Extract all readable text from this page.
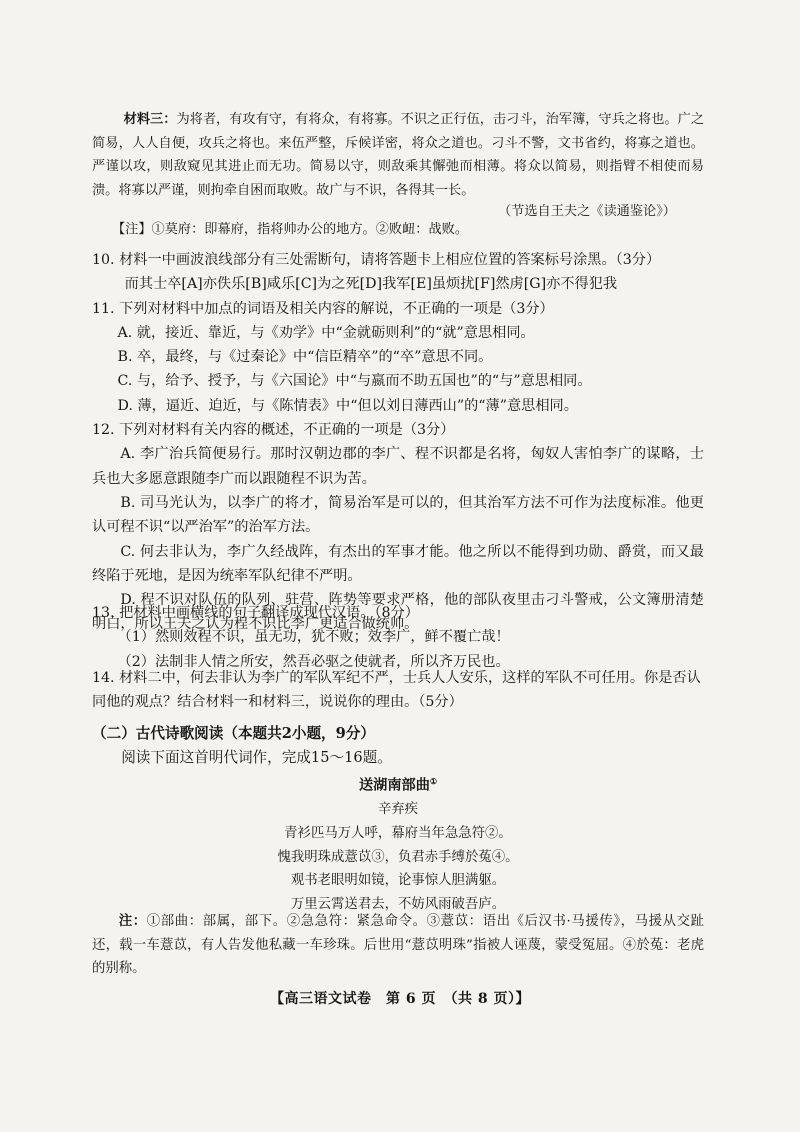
材料三：为将者，有攻有守，有将众，有将寡。不识之正行伍，击刁斗，治军簿，守兵之将也。广之简易，人人自便，攻兵之将也。来伍严整，斥候详密，将众之道也。刁斗不警，文书省约，将寡之道也。严谨以攻，则敌窥见其进止而无功。简易以守，则敌乘其懈弛而相薄。将众以简易，则指臂不相使而易溃。将寡以严谨，则拘牵自困而取败。故广与不识，各得其一长。

（节选自王夫之《读通鉴论》）
【注】①莫府：即幕府，指将帅办公的地方。②败衄：战败。

10. 材料一中画波浪线部分有三处需断句，请将答题卡上相应位置的答案标号涂黑。（3分）

而其士卒[A]亦佚乐[B]咸乐[C]为之死[D]我军[E]虽烦扰[F]然虏[G]亦不得犯我

11. 下列对材料中加点的词语及相关内容的解说，不正确的一项是（3分）

A. 就，接近、靠近，与《劝学》中“金就砺则利”的“就”意思相同。

B. 卒，最终，与《过秦论》中“信臣精卒”的“卒”意思不同。

C. 与，给予、授予，与《六国论》中“与嬴而不助五国也”的“与”意思相同。

D. 薄，逼近、迫近，与《陈情表》中“但以刘日薄西山”的“薄”意思相同。

12. 下列对材料有关内容的概述，不正确的一项是（3分）

A. 李广治兵简便易行。那时汉朝边郡的李广、程不识都是名将，匈奴人害怕李广的谋略，士兵也大多愿意跟随李广而以跟随程不识为苦。

B. 司马光认为，以李广的将才，简易治军是可以的，但其治军方法不可作为法度标准。他更认可程不识“以严治军”的治军方法。

C. 何去非认为，李广久经战阵，有杰出的军事才能。他之所以不能得到功勋、爵赏，而又最终陷于死地，是因为统率军队纪律不严明。

D. 程不识对队伍的队列、驻营、阵势等要求严格，他的部队夜里击刁斗警戒，公文簿册清楚明白，所以王夫之认为程不识比李广更适合做统帅。

13. 把材料中画横线的句子翻译成现代汉语。（8分）

（1）然则效程不识，虽无功，犹不败；效李广，鲜不覆亡哉！

（2）法制非人情之所安，然吾必驱之使就者，所以齐万民也。

14. 材料二中，何去非认为李广的军队军纪不严，士兵人人安乐，这样的军队不可任用。你是否认同他的观点？结合材料一和材料三，说说你的理由。（5分）

（二）古代诗歌阅读（本题共2小题，9分）

阅读下面这首明代词作，完成15～16题。

送湖南部曲①

辛弃疾

青衫匹马万人呼，幕府当年急急符②。

愧我明珠成薏苡③，负君赤手缚於菟④。

观书老眼明如镜，论事惊人胆满躯。

万里云霄送君去，不妨风雨破吾庐。

注：①部曲：部属，部下。②急急符：紧急命令。③薏苡：语出《后汉书·马援传》，马援从交趾还，载一车薏苡，有人告发他私藏一车珍珠。后世用“薏苡明珠”指被人诬蔑，蒙受冤屈。④於菟：老虎的别称。

【高三语文试卷　第 6 页　（共 8 页）】
